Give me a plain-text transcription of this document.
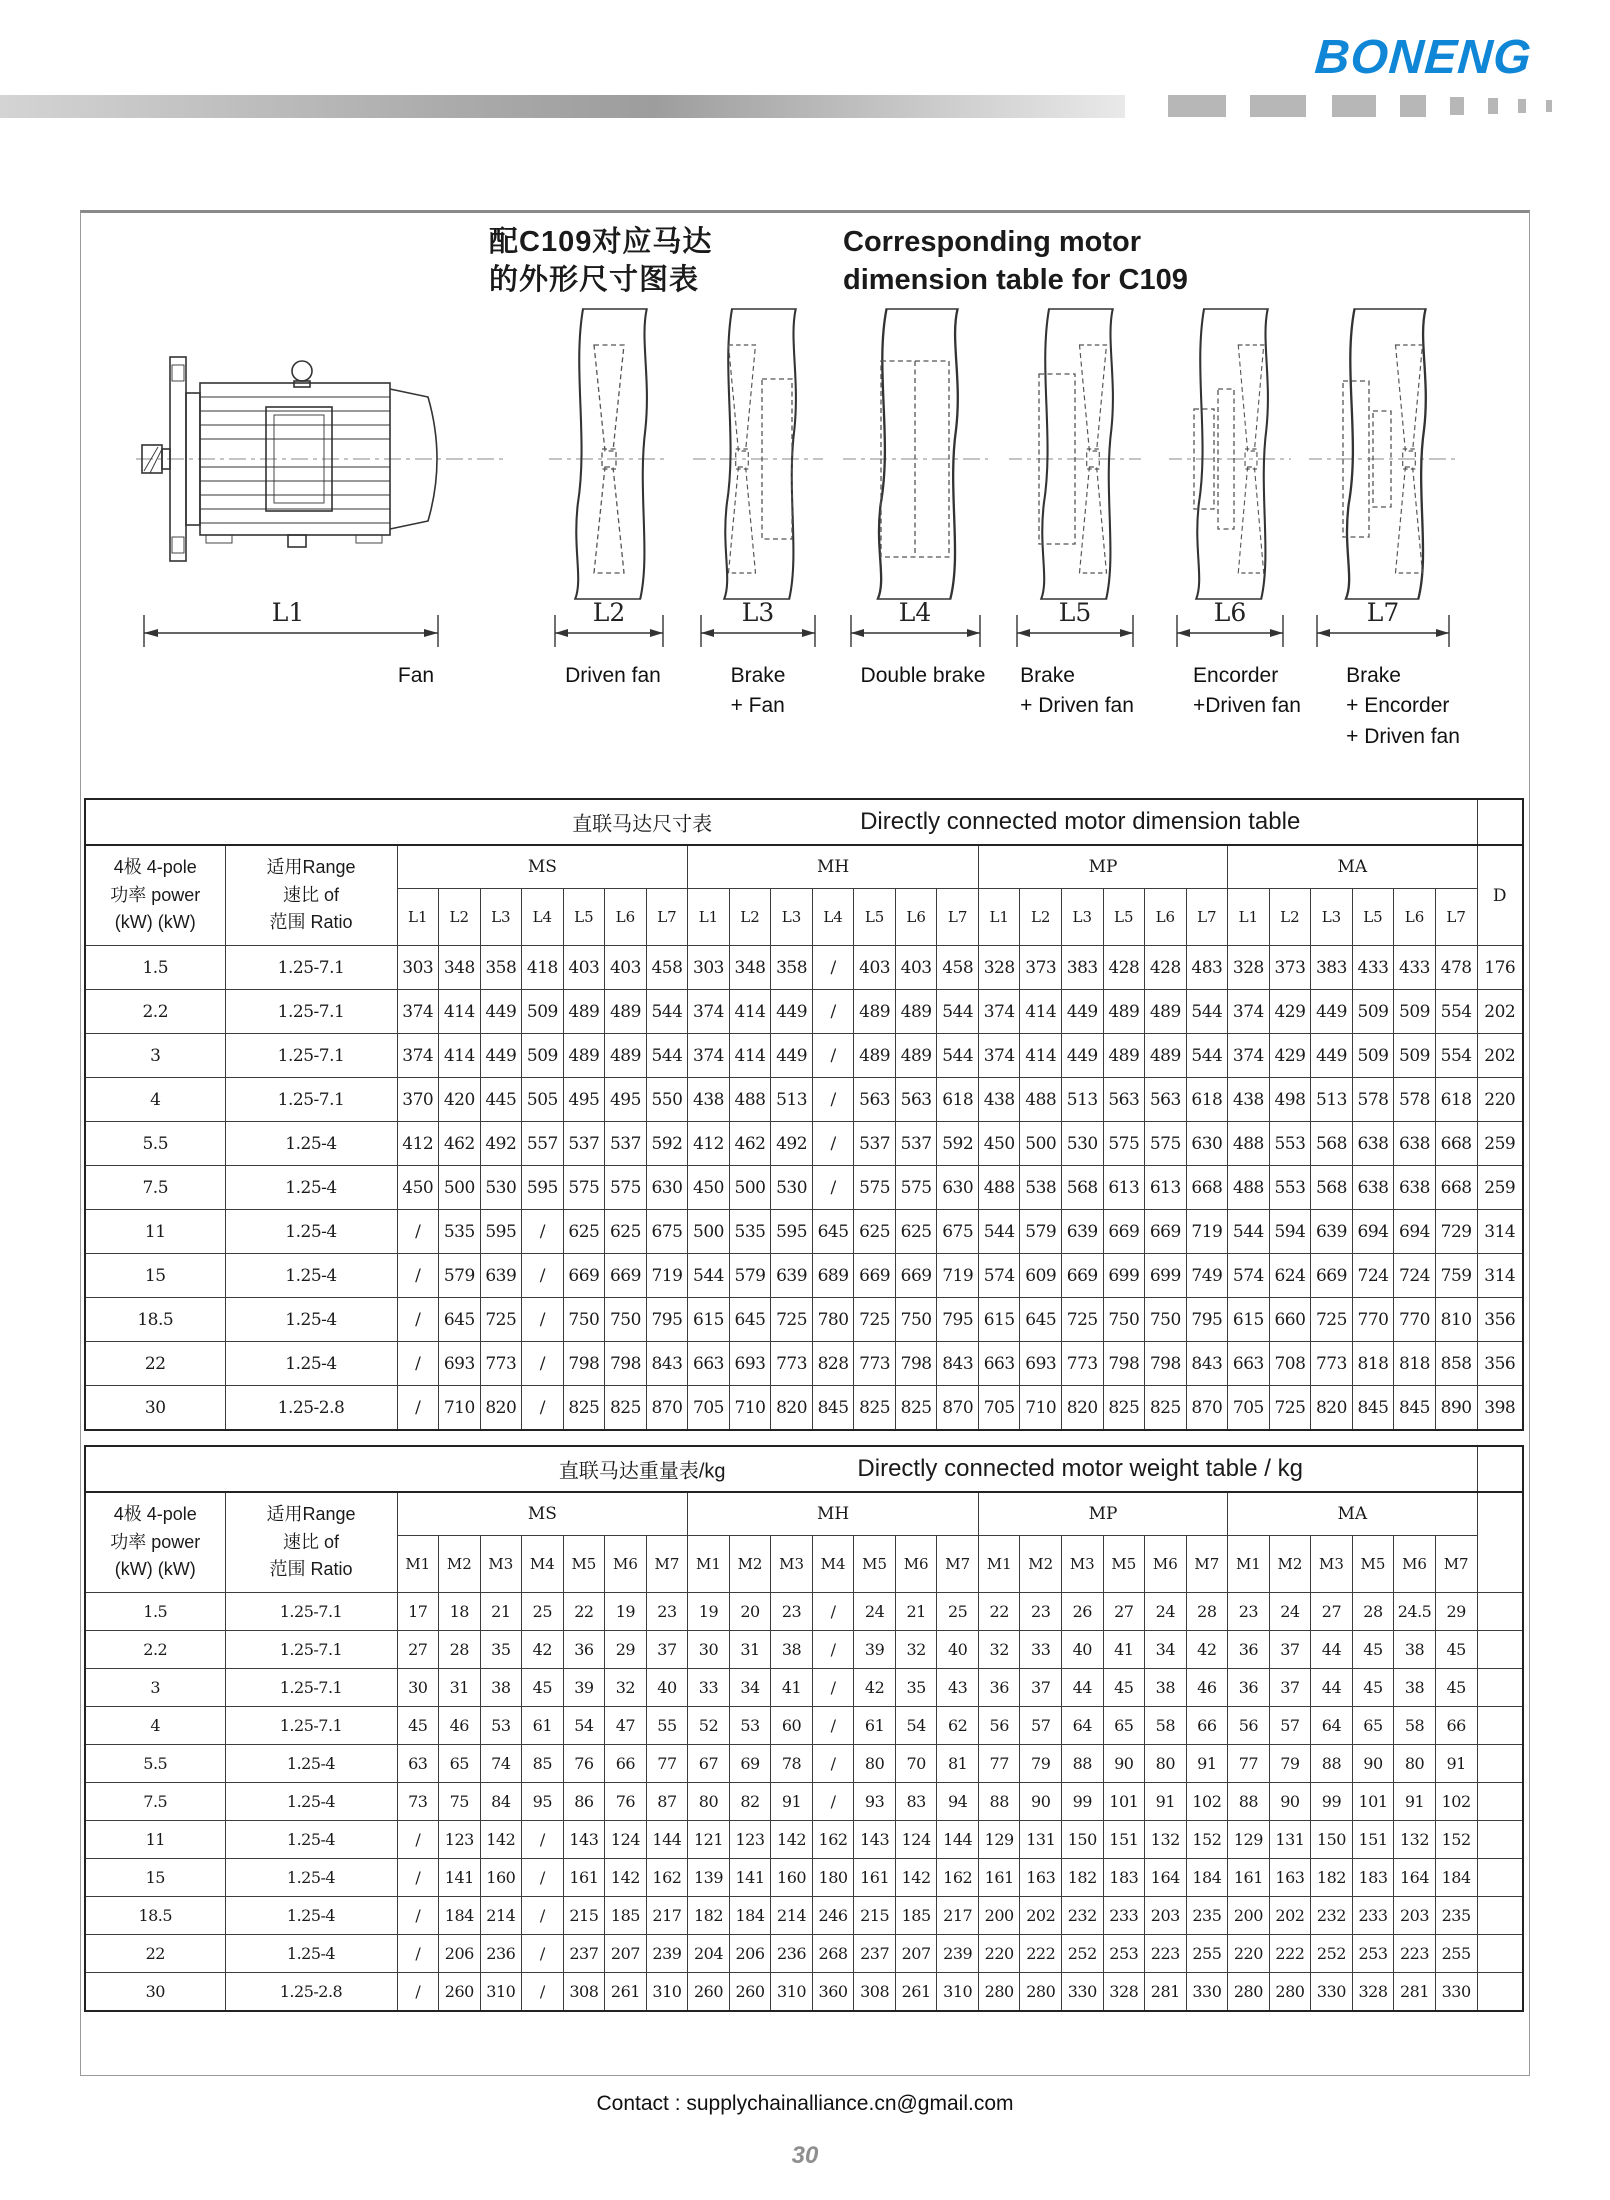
BONENG
配C109对应马达
的外形尺寸图表
Corresponding motor
dimension table for C109
L1	L2	L3	L4	L5	L6	L7
Fan	Driven fan	Brake
+ Fan
Double brake Brake
+ Driven fan
Encorder
+Driven fan
Brake
+ Encorder
+ Driven fan
直联马达尺寸表 Directly connected motor dimension table																												

4极 4-pole
功率 power
(kW) (kW)

适用Range
速比 of
范围 Ratio
	MS	MH	MP	MA	D
		L1	L2	L3	L4	L5	L6	L7	L1	L2	L3	L4	L5	L6	L7	L1	L2	L3	L5	L6	L7	L1	L2	L3	L5	L6	L7	
1.5	1.25-7.1	303	348	358	418	403	403	458	303	348	358	/	403	403	458	328	373	383	428	428	483	328	373	383	433	433	478	176
2.2	1.25-7.1	374	414	449	509	489	489	544	374	414	449	/	489	489	544	374	414	449	489	489	544	374	429	449	509	509	554	202
3	1.25-7.1	374	414	449	509	489	489	544	374	414	449	/	489	489	544	374	414	449	489	489	544	374	429	449	509	509	554	202
4	1.25-7.1	370	420	445	505	495	495	550	438	488	513	/	563	563	618	438	488	513	563	563	618	438	498	513	578	578	618	220
5.5	1.25-4	412	462	492	557	537	537	592	412	462	492	/	537	537	592	450	500	530	575	575	630	488	553	568	638	638	668	259
7.5	1.25-4	450	500	530	595	575	575	630	450	500	530	/	575	575	630	488	538	568	613	613	668	488	553	568	638	638	668	259
11	1.25-4	/	535	595	/	625	625	675	500	535	595	645	625	625	675	544	579	639	669	669	719	544	594	639	694	694	729	314
15	1.25-4	/	579	639	/	669	669	719	544	579	639	689	669	669	719	574	609	669	699	699	749	574	624	669	724	724	759	314
18.5	1.25-4	/	645	725	/	750	750	795	615	645	725	780	725	750	795	615	645	725	750	750	795	615	660	725	770	770	810	356
22	1.25-4	/	693	773	/	798	798	843	663	693	773	828	773	798	843	663	693	773	798	798	843	663	708	773	818	818	858	356
30	1.25-2.8	/	710	820	/	825	825	870	705	710	820	845	825	825	870	705	710	820	825	825	870	705	725	820	845	845	890	398
直联马达重量表/kg Directly connected motor weight table / kg																												

4极 4-pole
功率 power
(kW) (kW)

适用Range
速比 of
范围 Ratio
	MS	MH	MP	MA	
		M1	M2	M3	M4	M5	M6	M7	M1	M2	M3	M4	M5	M6	M7	M1	M2	M3	M5	M6	M7	M1	M2	M3	M5	M6	M7	
1.5	1.25-7.1	17	18	21	25	22	19	23	19	20	23	/	24	21	25	22	23	26	27	24	28	23	24	27	28	24.5	29	
2.2	1.25-7.1	27	28	35	42	36	29	37	30	31	38	/	39	32	40	32	33	40	41	34	42	36	37	44	45	38	45	
3	1.25-7.1	30	31	38	45	39	32	40	33	34	41	/	42	35	43	36	37	44	45	38	46	36	37	44	45	38	45	
4	1.25-7.1	45	46	53	61	54	47	55	52	53	60	/	61	54	62	56	57	64	65	58	66	56	57	64	65	58	66	
5.5	1.25-4	63	65	74	85	76	66	77	67	69	78	/	80	70	81	77	79	88	90	80	91	77	79	88	90	80	91	
7.5	1.25-4	73	75	84	95	86	76	87	80	82	91	/	93	83	94	88	90	99	101	91	102	88	90	99	101	91	102	
11	1.25-4	/	123	142	/	143	124	144	121	123	142	162	143	124	144	129	131	150	151	132	152	129	131	150	151	132	152	
15	1.25-4	/	141	160	/	161	142	162	139	141	160	180	161	142	162	161	163	182	183	164	184	161	163	182	183	164	184	
18.5	1.25-4	/	184	214	/	215	185	217	182	184	214	246	215	185	217	200	202	232	233	203	235	200	202	232	233	203	235	
22	1.25-4	/	206	236	/	237	207	239	204	206	236	268	237	207	239	220	222	252	253	223	255	220	222	252	253	223	255	
30	1.25-2.8	/	260	310	/	308	261	310	260	260	310	360	308	261	310	280	280	330	328	281	330	280	280	330	328	281	330	
Contact : supplychainalliance.cn@gmail.com
30
